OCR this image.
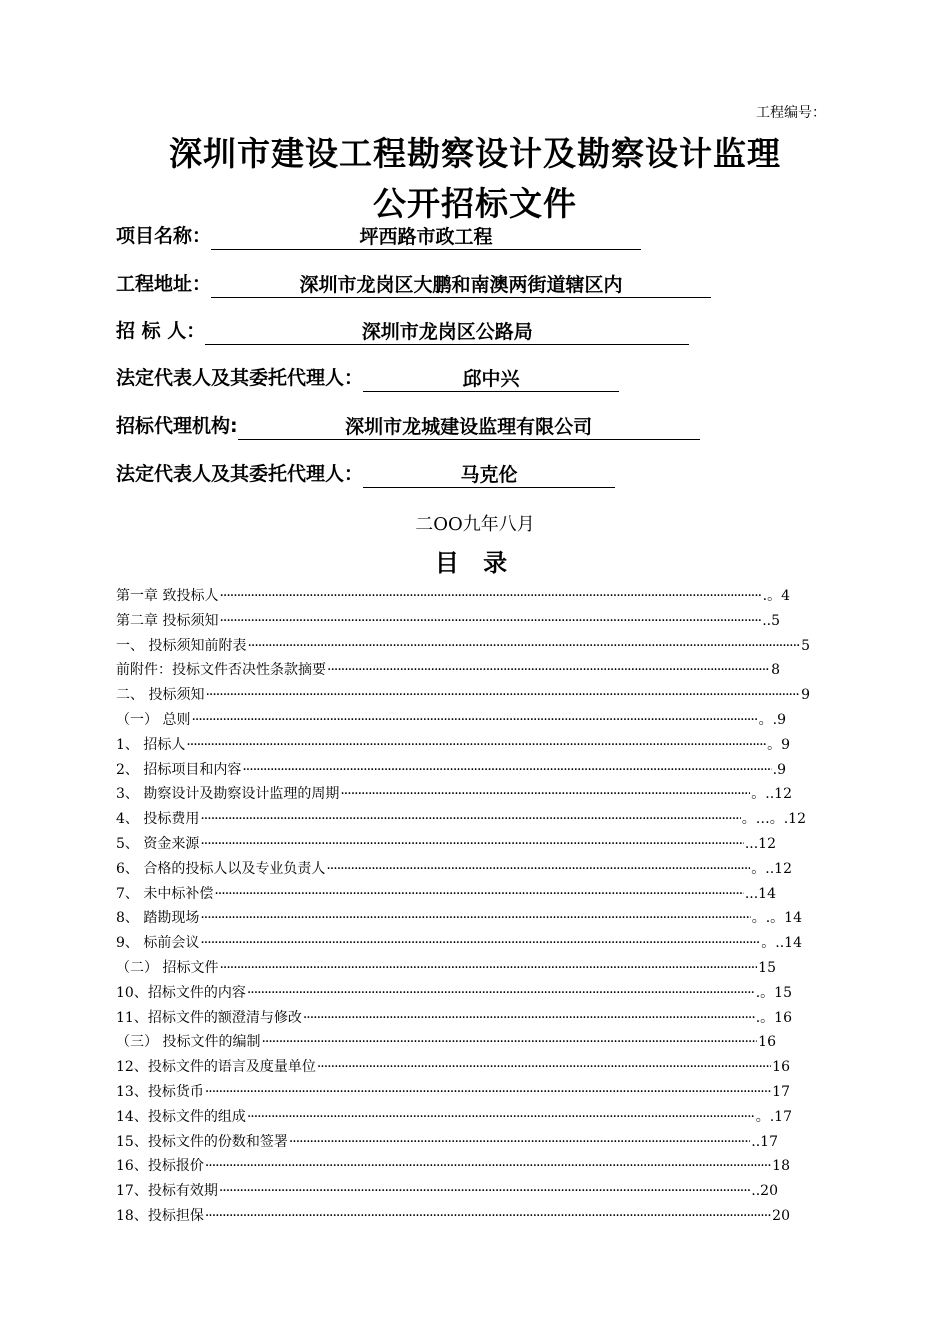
工程编号：
深圳市建设工程勘察设计及勘察设计监理
公开招标文件
项目名称：	坪西路市政工程
工程地址：	深圳市龙岗区大鹏和南澳两街道辖区内
招 标 人：	深圳市龙岗区公路局
法定代表人及其委托代理人：	邱中兴
招标代理机构:	深圳市龙城建设监理有限公司
法定代表人及其委托代理人：	马克伦
二OO九年八月
目 录
第一章 致投标人 ·····	.。4
第二章 投标须知 ·····	..5
一、 投标须知前附表 ·····	5
前附件：投标文件否决性条款摘要 ·····	8
二、 投标须知 ·····	9
（一） 总则 ·····	。.9
1、 招标人 ·····	。9
2、 招标项目和内容 ·····	.9
3、 勘察设计及勘察设计监理的周期 ·····	。..12
4、 投标费用 ·····	。…。.12
5、 资金来源 ·····	...12
6、 合格的投标人以及专业负责人 ·····	。..12
7、 未中标补偿 ·····	...14
8、 踏勘现场 ·····	。.。14
9、 标前会议 ·····	。..14
（二） 招标文件 ·····	15
10、招标文件的内容 ·····	.。15
11、招标文件的额澄清与修改 ·····	.。16
（三） 投标文件的编制 ·····	16
12、投标文件的语言及度量单位 ·····	16
13、投标货币 ·····	17
14、投标文件的组成 ·····	。.17
15、投标文件的份数和签署 ·····	..17
16、投标报价 ·····	18
17、投标有效期 ·····	..20
18、投标担保 ·····	20
